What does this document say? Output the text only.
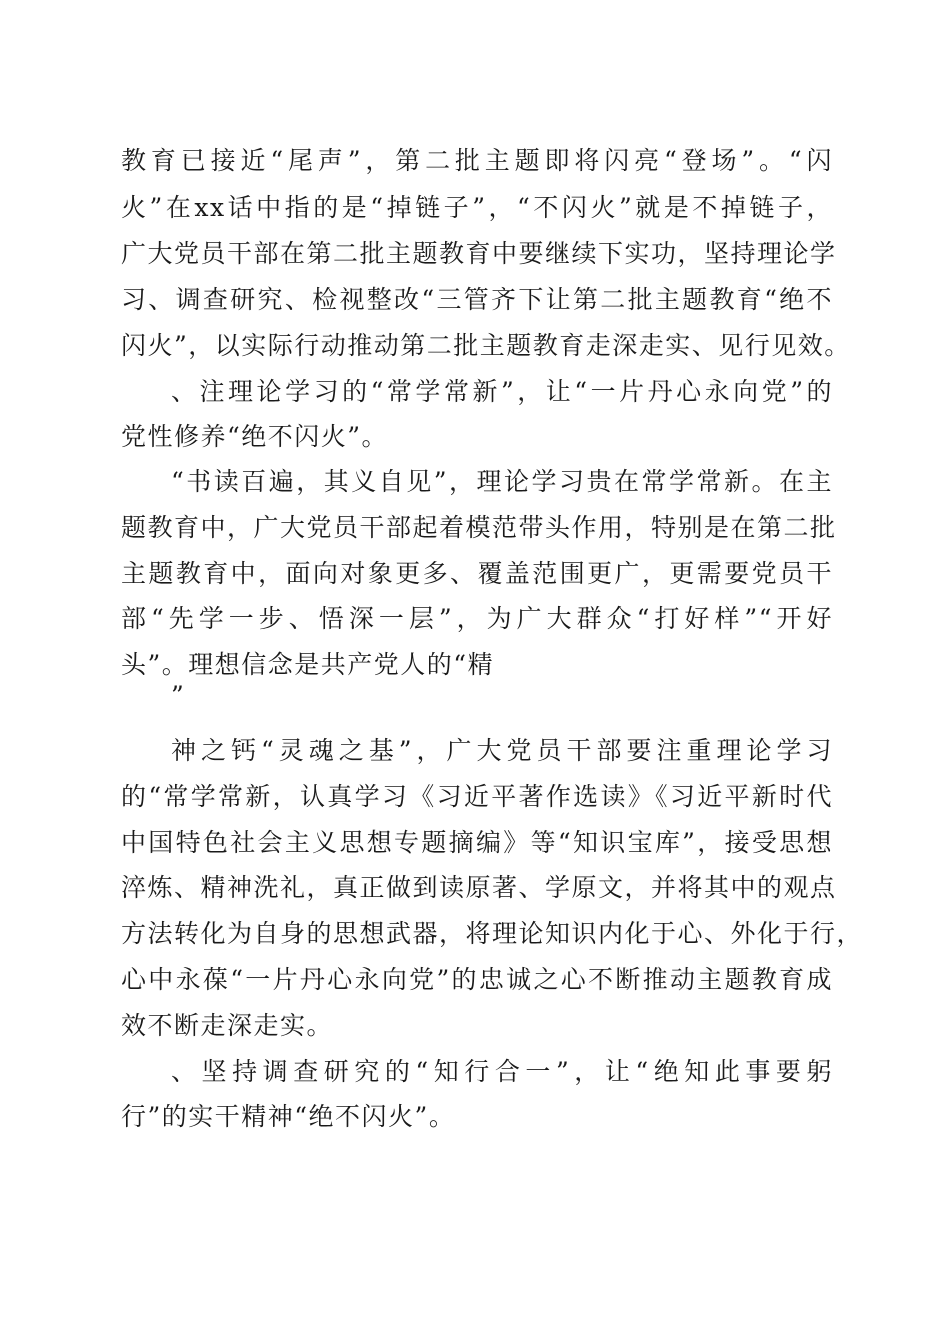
教育已接近“尾声”，第二批主题即将闪亮“登场”。“闪
火”在xx话中指的是“掉链子”，“不闪火”就是不掉链子，
广大党员干部在第二批主题教育中要继续下实功，坚持理论学
习、调查研究、检视整改“三管齐下让第二批主题教育“绝不
闪火”，以实际行动推动第二批主题教育走深走实、见行见效。
、注理论学习的“常学常新”，让“一片丹心永向党”的
党性修养“绝不闪火”。
“书读百遍，其义自见”，理论学习贵在常学常新。在主
题教育中，广大党员干部起着模范带头作用，特别是在第二批
主题教育中，面向对象更多、覆盖范围更广，更需要党员干
部“先学一步、悟深一层”，为广大群众“打好样”“开好
头”。理想信念是共产党人的“精
”
神之钙“灵魂之基”，广大党员干部要注重理论学习
的“常学常新，认真学习《习近平著作选读》《习近平新时代
中国特色社会主义思想专题摘编》等“知识宝库”，接受思想
淬炼、精神洗礼，真正做到读原著、学原文，并将其中的观点
方法转化为自身的思想武器，将理论知识内化于心、外化于行，
心中永葆“一片丹心永向党”的忠诚之心不断推动主题教育成
效不断走深走实。
、坚持调查研究的“知行合一”，让“绝知此事要躬
行”的实干精神“绝不闪火”。
